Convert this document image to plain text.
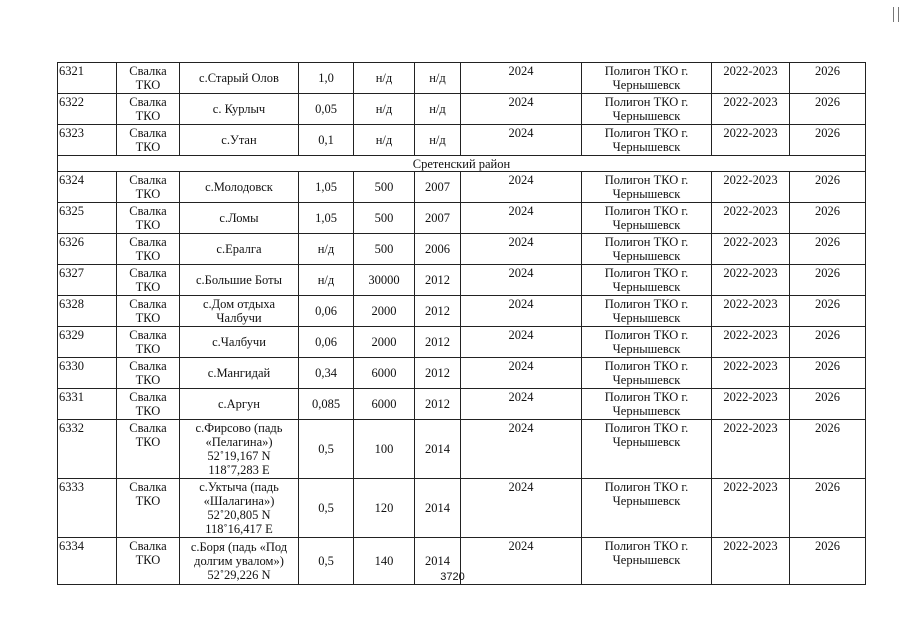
6321	Свалка ТКО	с.Старый Олов	1,0	н/д	н/д	2024	Полигон ТКО г. Чернышевск	2022-2023	2026
6322	Свалка ТКО	с. Курлыч	0,05	н/д	н/д	2024	Полигон ТКО г. Чернышевск	2022-2023	2026
6323	Свалка ТКО	с.Утан	0,1	н/д	н/д	2024	Полигон ТКО г. Чернышевск	2022-2023	2026
Сретенский район									
6324	Свалка ТКО	с.Молодовск	1,05	500	2007	2024	Полигон ТКО г. Чернышевск	2022-2023	2026
6325	Свалка ТКО	с.Ломы	1,05	500	2007	2024	Полигон ТКО г. Чернышевск	2022-2023	2026
6326	Свалка ТКО	с.Ералга	н/д	500	2006	2024	Полигон ТКО г. Чернышевск	2022-2023	2026
6327	Свалка ТКО	с.Большие Боты	н/д	30000	2012	2024	Полигон ТКО г. Чернышевск	2022-2023	2026
6328	Свалка ТКО	с.Дом отдыха Чалбучи	0,06	2000	2012	2024	Полигон ТКО г. Чернышевск	2022-2023	2026
6329	Свалка ТКО	с.Чалбучи	0,06	2000	2012	2024	Полигон ТКО г. Чернышевск	2022-2023	2026
6330	Свалка ТКО	с.Мангидай	0,34	6000	2012	2024	Полигон ТКО г. Чернышевск	2022-2023	2026
6331	Свалка ТКО	с.Аргун	0,085	6000	2012	2024	Полигон ТКО г. Чернышевск	2022-2023	2026
6332	Свалка ТКО	с.Фирсово (падь «Пелагина») 52˚19,167 N 118˚7,283 E	0,5	100	2014	2024	Полигон ТКО г. Чернышевск	2022-2023	2026
6333	Свалка ТКО	с.Уктыча (падь «Шалагина») 52˚20,805 N 118˚16,417 E	0,5	120	2014	2024	Полигон ТКО г. Чернышевск	2022-2023	2026
6334	Свалка ТКО	с.Боря (падь «Под долгим увалом») 52˚29,226 N	0,5	140	2014	2024	Полигон ТКО г. Чернышевск	2022-2023	2026
3720
